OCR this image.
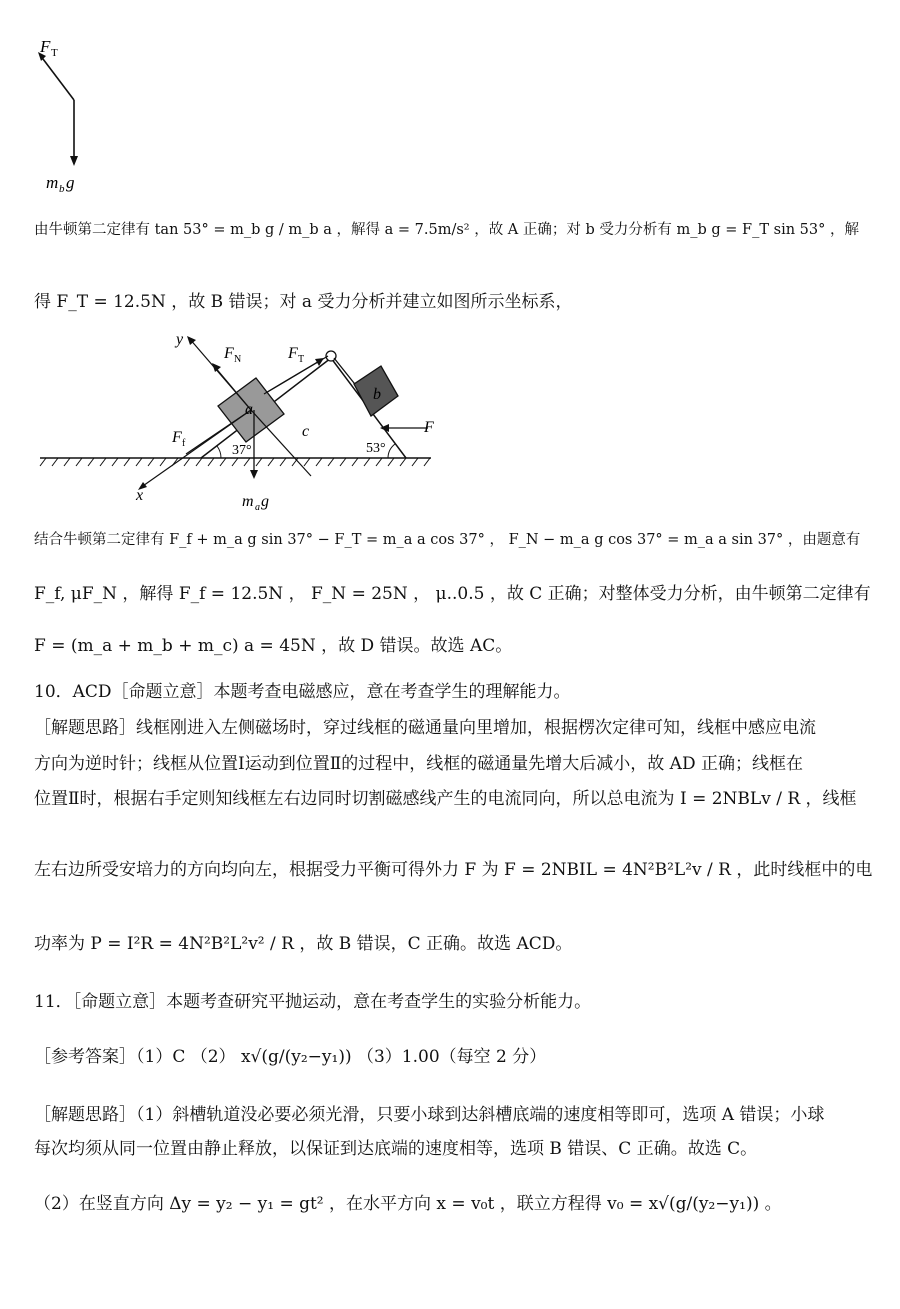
F T
m b g
由牛顿第二定律有 tan 53° = m_b g / m_b a ，解得 a = 7.5m/s² ，故 A 正确；对 b 受力分析有 m_b g = F_T sin 53° ，解
得 F_T = 12.5N ，故 B 错误；对 a 受力分析并建立如图所示坐标系，
y
x
F N	F T
F f
a
b
c
37°	53°
F
m a g
结合牛顿第二定律有 F_f + m_a g sin 37° − F_T = m_a a cos 37° ， F_N − m_a g cos 37° = m_a a sin 37° ，由题意有
F_f, μF_N ，解得 F_f = 12.5N ， F_N = 25N ， μ..0.5 ，故 C 正确；对整体受力分析，由牛顿第二定律有
F = (m_a + m_b + m_c) a = 45N ，故 D 错误。故选 AC。
10．ACD［命题立意］本题考查电磁感应，意在考查学生的理解能力。
［解题思路］线框刚进入左侧磁场时，穿过线框的磁通量向里增加，根据楞次定律可知，线框中感应电流
方向为逆时针；线框从位置Ⅰ运动到位置Ⅱ的过程中，线框的磁通量先增大后减小，故 AD 正确；线框在
位置Ⅱ时，根据右手定则知线框左右边同时切割磁感线产生的电流同向，所以总电流为 I = 2NBLv / R ，线框
左右边所受安培力的方向均向左，根据受力平衡可得外力 F 为 F = 2NBIL = 4N²B²L²v / R ，此时线框中的电
功率为 P = I²R = 4N²B²L²v² / R ，故 B 错误，C 正确。故选 ACD。
11．［命题立意］本题考查研究平抛运动，意在考查学生的实验分析能力。
［参考答案］（1）C （2） x√(g/(y₂−y₁)) （3）1.00（每空 2 分）
［解题思路］（1）斜槽轨道没必要必须光滑，只要小球到达斜槽底端的速度相等即可，选项 A 错误；小球
每次均须从同一位置由静止释放，以保证到达底端的速度相等，选项 B 错误、C 正确。故选 C。
（2）在竖直方向 Δy = y₂ − y₁ = gt² ，在水平方向 x = v₀t ，联立方程得 v₀ = x√(g/(y₂−y₁)) 。
